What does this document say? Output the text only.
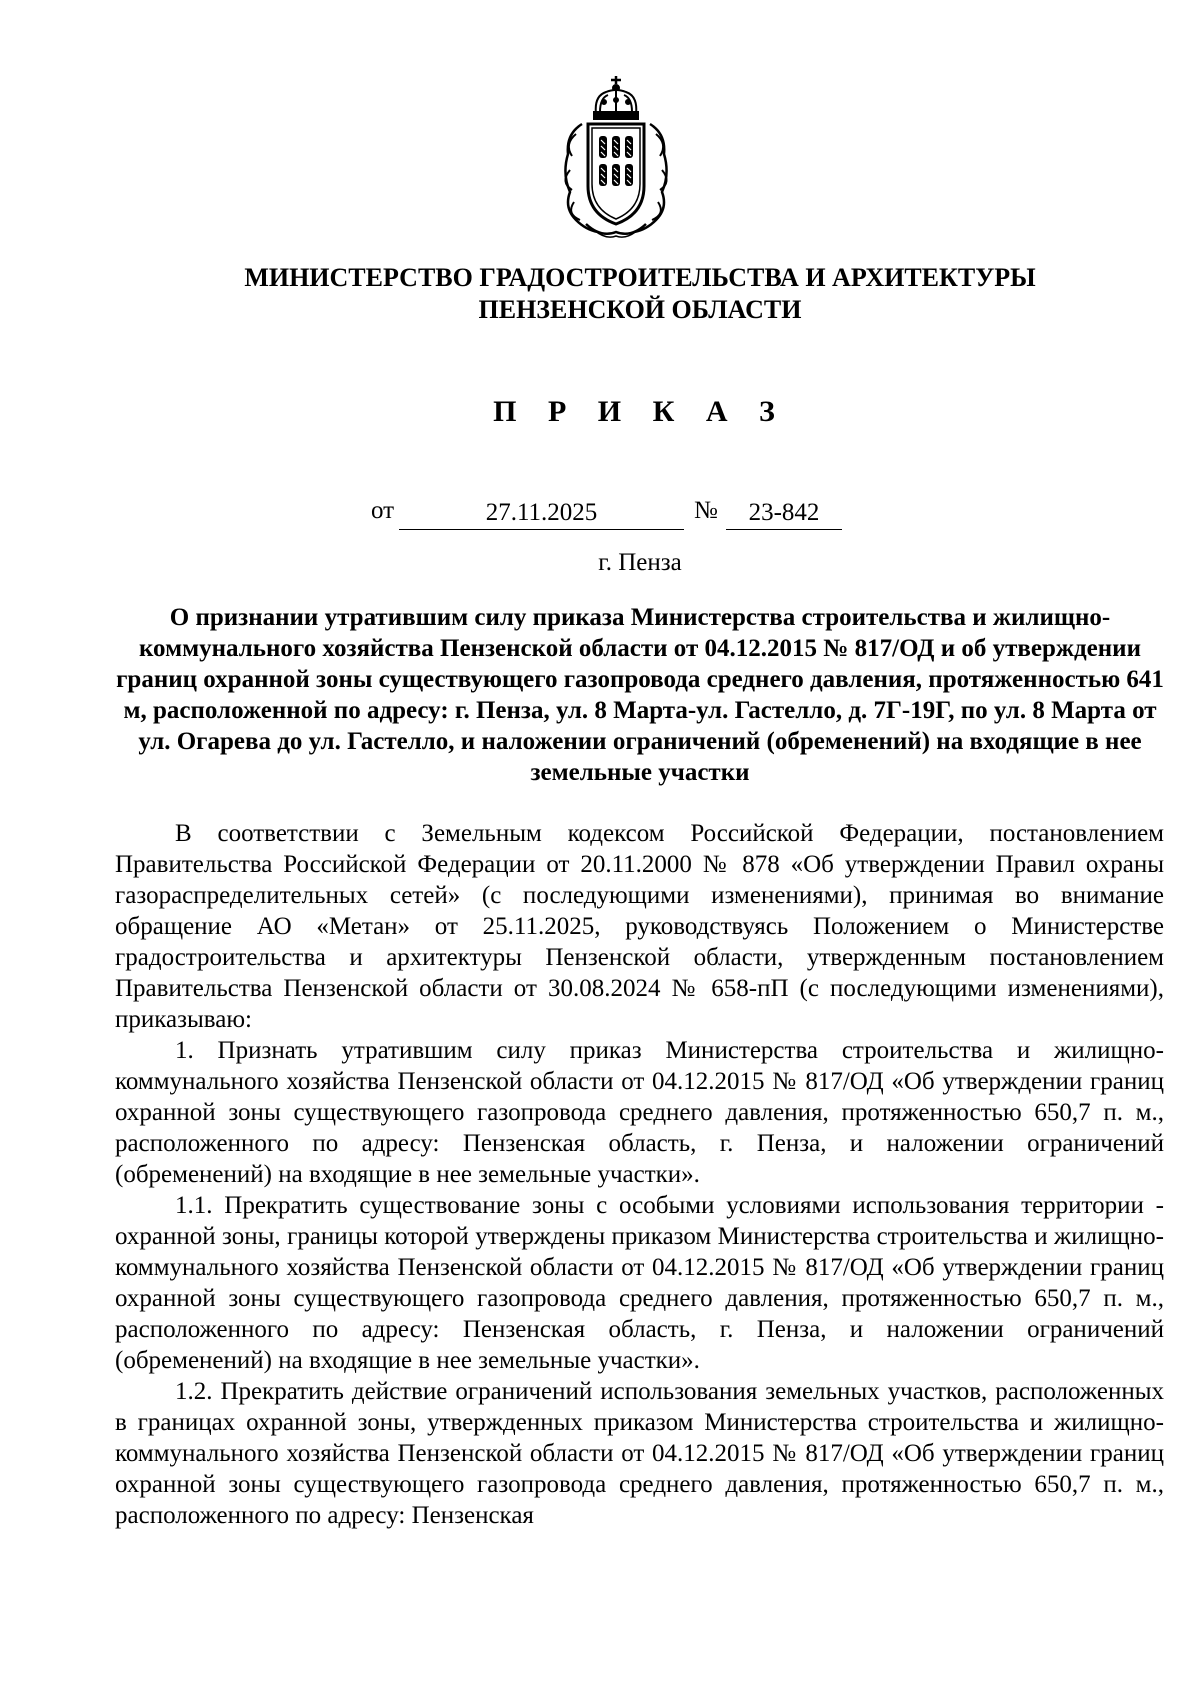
МИНИСТЕРСТВО ГРАДОСТРОИТЕЛЬСТВА И АРХИТЕКТУРЫ
ПЕНЗЕНСКОЙ ОБЛАСТИ
П Р И К А З
от	27.11.2025	№	23-842
г. Пенза
О признании утратившим силу приказа Министерства строительства и жилищно-коммунального хозяйства Пензенской области от 04.12.2015 № 817/ОД и об утверждении границ охранной зоны существующего газопровода среднего давления, протяженностью 641 м, расположенной по адресу: г. Пенза, ул. 8 Марта-ул. Гастелло, д. 7Г-19Г, по ул. 8 Марта от ул. Огарева до ул. Гастелло, и наложении ограничений (обременений) на входящие в нее земельные участки

В соответствии с Земельным кодексом Российской Федерации, постановлением Правительства Российской Федерации от 20.11.2000 № 878 «Об утверждении Правил охраны газораспределительных сетей» (с последующими изменениями), принимая во внимание обращение АО «Метан» от 25.11.2025, руководствуясь Положением о Министерстве градостроительства и архитектуры Пензенской области, утвержденным постановлением Правительства Пензенской области от 30.08.2024 № 658-пП (с последующими изменениями), приказываю:

1. Признать утратившим силу приказ Министерства строительства и жилищно-коммунального хозяйства Пензенской области от 04.12.2015 № 817/ОД «Об утверждении границ охранной зоны существующего газопровода среднего давления, протяженностью 650,7 п. м., расположенного по адресу: Пензенская область, г. Пенза, и наложении ограничений (обременений) на входящие в нее земельные участки».

1.1. Прекратить существование зоны с особыми условиями использования территории - охранной зоны, границы которой утверждены приказом Министерства строительства и жилищно-коммунального хозяйства Пензенской области от 04.12.2015 № 817/ОД «Об утверждении границ охранной зоны существующего газопровода среднего давления, протяженностью 650,7 п. м., расположенного по адресу: Пензенская область, г. Пенза, и наложении ограничений (обременений) на входящие в нее земельные участки».

1.2. Прекратить действие ограничений использования земельных участков, расположенных в границах охранной зоны, утвержденных приказом Министерства строительства и жилищно-коммунального хозяйства Пензенской области от 04.12.2015 № 817/ОД «Об утверждении границ охранной зоны существующего газопровода среднего давления, протяженностью 650,7 п. м., расположенного по адресу: Пензенская
